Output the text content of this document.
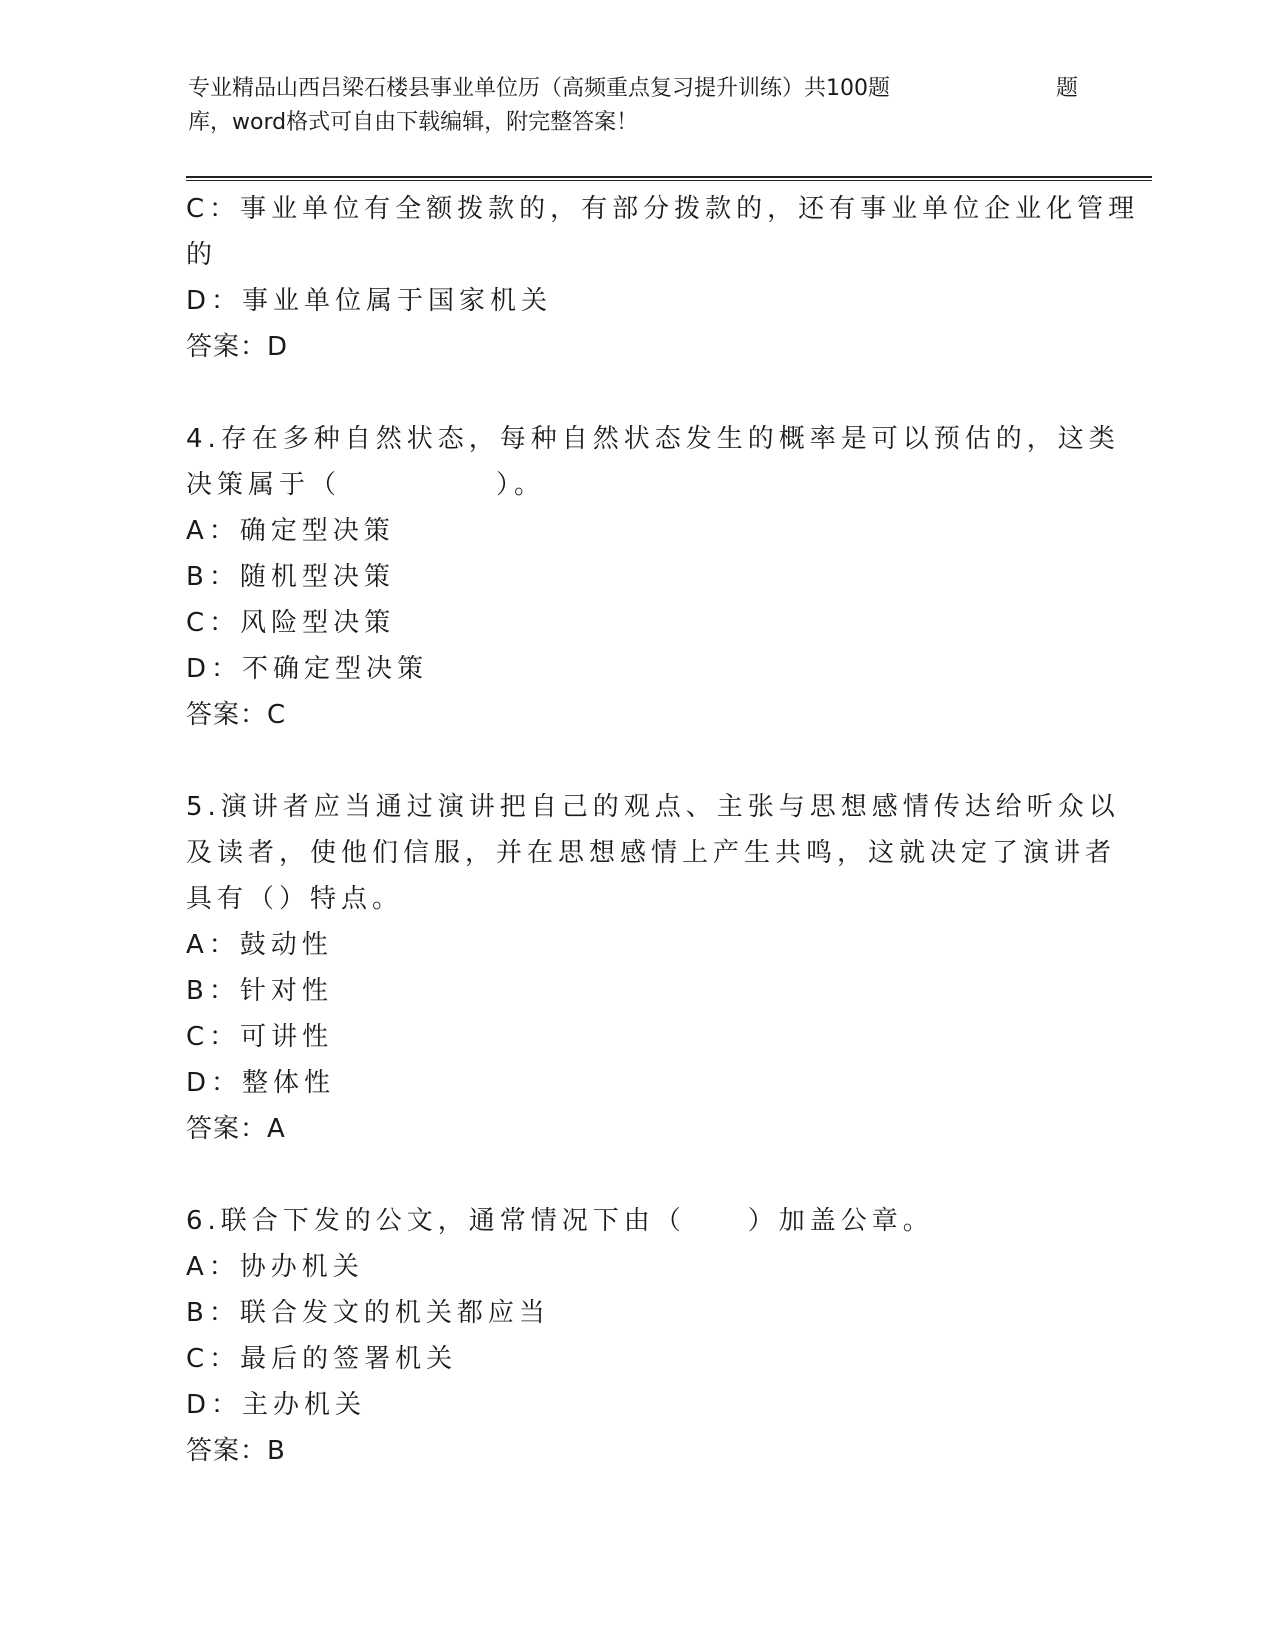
专业精品山西吕梁石楼县事业单位历（高频重点复习提升训练）共100题	题
库，word格式可自由下载编辑，附完整答案！
C：事业单位有全额拨款的，有部分拨款的，还有事业单位企业化管理
的
D：事业单位属于国家机关
答案：D
4.存在多种自然状态，每种自然状态发生的概率是可以预估的，这类
决策属于（　　　　　）。
A：确定型决策
B：随机型决策
C：风险型决策
D：不确定型决策
答案：C
5.演讲者应当通过演讲把自己的观点、主张与思想感情传达给听众以
及读者，使他们信服，并在思想感情上产生共鸣，这就决定了演讲者
具有（）特点。
A：鼓动性
B：针对性
C：可讲性
D：整体性
答案：A
6.联合下发的公文，通常情况下由（　　）加盖公章。
A：协办机关
B：联合发文的机关都应当
C：最后的签署机关
D：主办机关
答案：B
